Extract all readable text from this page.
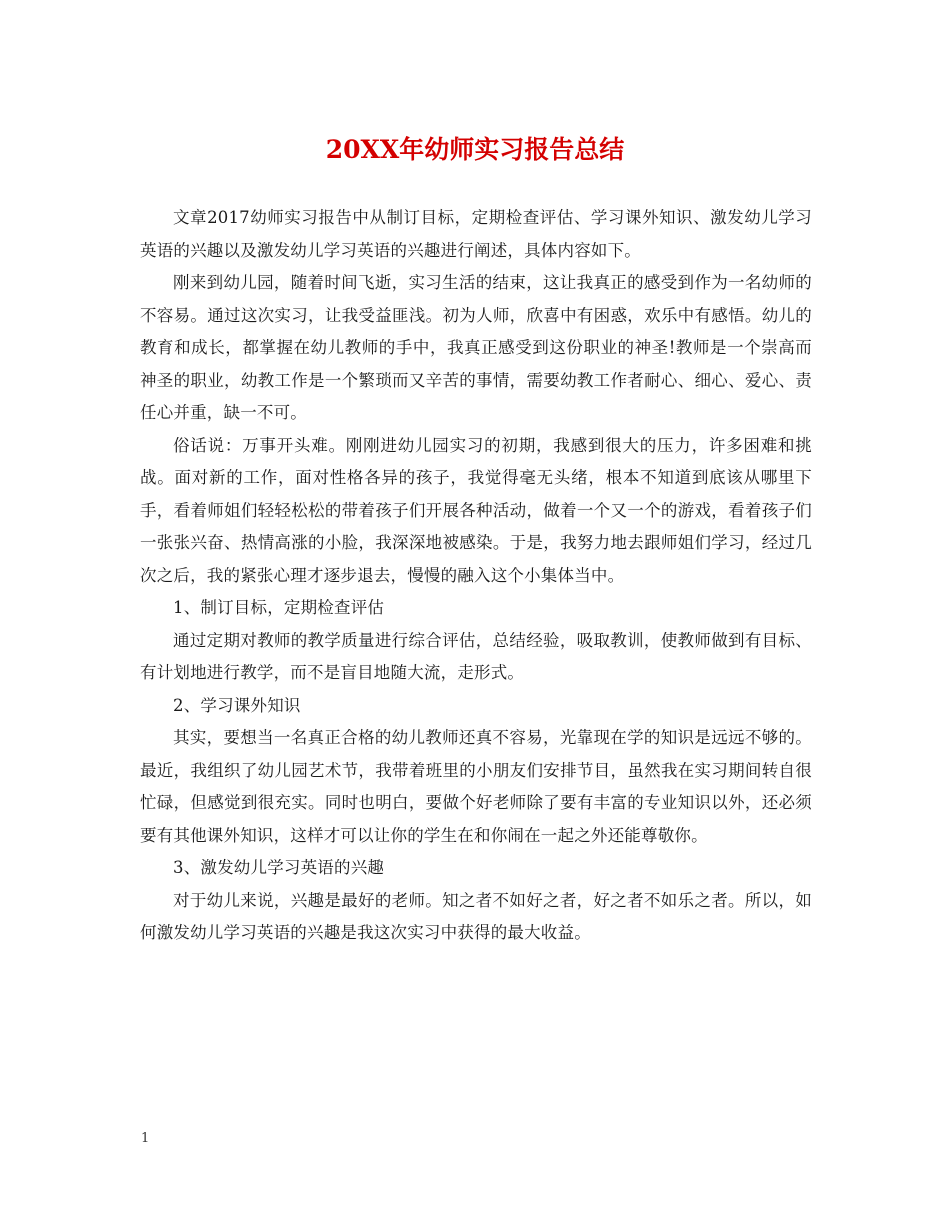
20XX年幼师实习报告总结

文章2017幼师实习报告中从制订目标，定期检查评估、学习课外知识、激发幼儿学习英语的兴趣以及激发幼儿学习英语的兴趣进行阐述，具体内容如下。

刚来到幼儿园，随着时间飞逝，实习生活的结束，这让我真正的感受到作为一名幼师的不容易。通过这次实习，让我受益匪浅。初为人师，欣喜中有困惑，欢乐中有感悟。幼儿的教育和成长，都掌握在幼儿教师的手中，我真正感受到这份职业的神圣!教师是一个崇高而神圣的职业，幼教工作是一个繁琐而又辛苦的事情，需要幼教工作者耐心、细心、爱心、责任心并重，缺一不可。

俗话说：万事开头难。刚刚进幼儿园实习的初期，我感到很大的压力，许多困难和挑战。面对新的工作，面对性格各异的孩子，我觉得毫无头绪，根本不知道到底该从哪里下手，看着师姐们轻轻松松的带着孩子们开展各种活动，做着一个又一个的游戏，看着孩子们一张张兴奋、热情高涨的小脸，我深深地被感染。于是，我努力地去跟师姐们学习，经过几次之后，我的紧张心理才逐步退去，慢慢的融入这个小集体当中。

1、制订目标，定期检查评估

通过定期对教师的教学质量进行综合评估，总结经验，吸取教训，使教师做到有目标、有计划地进行教学，而不是盲目地随大流，走形式。

2、学习课外知识

其实，要想当一名真正合格的幼儿教师还真不容易，光靠现在学的知识是远远不够的。最近，我组织了幼儿园艺术节，我带着班里的小朋友们安排节目，虽然我在实习期间转自很忙碌，但感觉到很充实。同时也明白，要做个好老师除了要有丰富的专业知识以外，还必须要有其他课外知识，这样才可以让你的学生在和你闹在一起之外还能尊敬你。

3、激发幼儿学习英语的兴趣

对于幼儿来说，兴趣是最好的老师。知之者不如好之者，好之者不如乐之者。所以，如何激发幼儿学习英语的兴趣是我这次实习中获得的最大收益。

1
